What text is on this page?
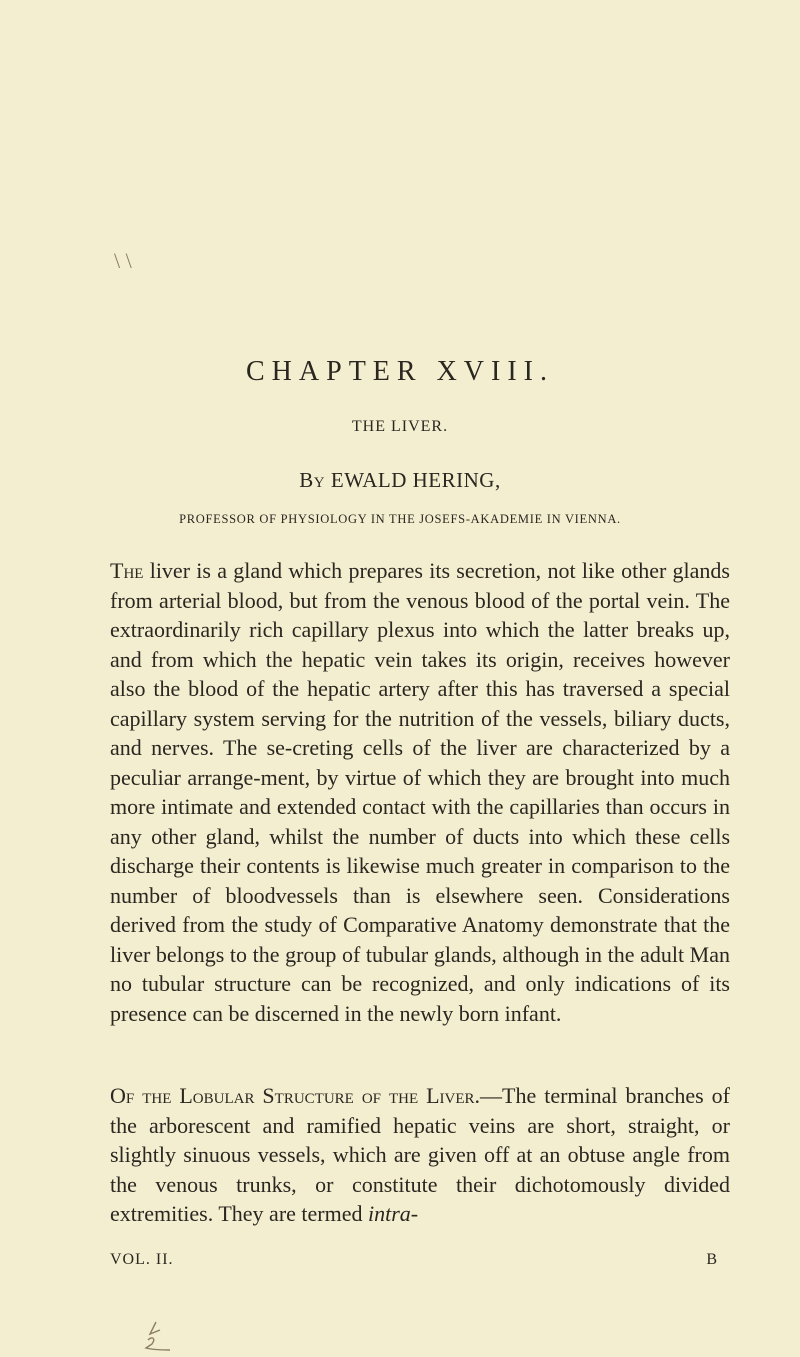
\ \
CHAPTER XVIII.
THE LIVER.
By EWALD HERING,
PROFESSOR OF PHYSIOLOGY IN THE JOSEFS-AKADEMIE IN VIENNA.
The liver is a gland which prepares its secretion, not like other glands from arterial blood, but from the venous blood of the portal vein. The extraordinarily rich capillary plexus into which the latter breaks up, and from which the hepatic vein takes its origin, receives however also the blood of the hepatic artery after this has traversed a special capillary system serving for the nutrition of the vessels, biliary ducts, and nerves. The se-creting cells of the liver are characterized by a peculiar arrange-ment, by virtue of which they are brought into much more intimate and extended contact with the capillaries than occurs in any other gland, whilst the number of ducts into which these cells discharge their contents is likewise much greater in comparison to the number of bloodvessels than is elsewhere seen. Considerations derived from the study of Comparative Anatomy demonstrate that the liver belongs to the group of tubular glands, although in the adult Man no tubular structure can be recognized, and only indications of its presence can be discerned in the newly born infant.
Of the Lobular Structure of the Liver.—The terminal branches of the arborescent and ramified hepatic veins are short, straight, or slightly sinuous vessels, which are given off at an obtuse angle from the venous trunks, or constitute their dichotomously divided extremities. They are termed intra-
VOL. II.	B
